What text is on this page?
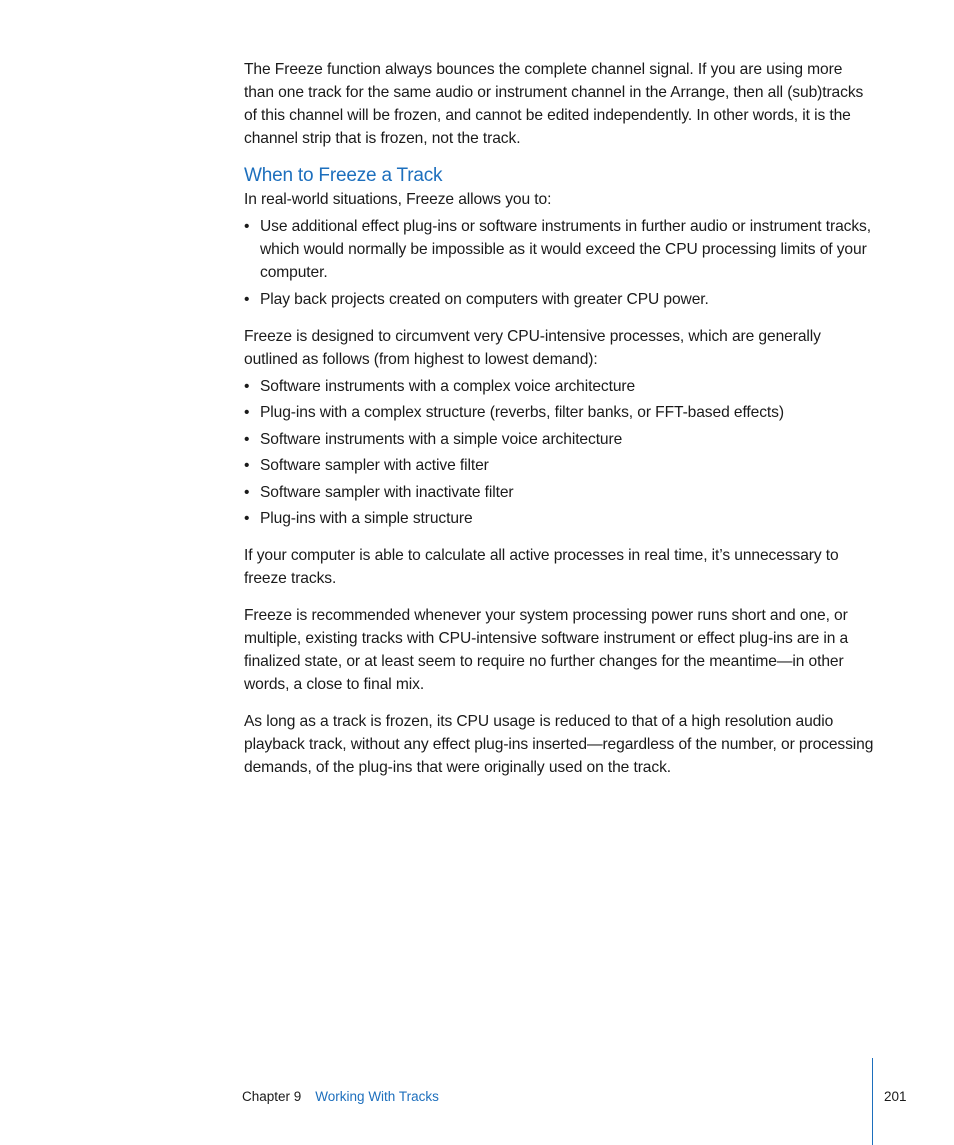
The Freeze function always bounces the complete channel signal. If you are using more than one track for the same audio or instrument channel in the Arrange, then all (sub)tracks of this channel will be frozen, and cannot be edited independently. In other words, it is the channel strip that is frozen, not the track.

When to Freeze a Track

In real-world situations, Freeze allows you to:

• Use additional effect plug-ins or software instruments in further audio or instrument tracks, which would normally be impossible as it would exceed the CPU processing limits of your computer.
• Play back projects created on computers with greater CPU power.

Freeze is designed to circumvent very CPU-intensive processes, which are generally outlined as follows (from highest to lowest demand):

• Software instruments with a complex voice architecture
• Plug-ins with a complex structure (reverbs, filter banks, or FFT-based effects)
• Software instruments with a simple voice architecture
• Software sampler with active filter
• Software sampler with inactivate filter
• Plug-ins with a simple structure

If your computer is able to calculate all active processes in real time, it’s unnecessary to freeze tracks.

Freeze is recommended whenever your system processing power runs short and one, or multiple, existing tracks with CPU-intensive software instrument or effect plug-ins are in a finalized state, or at least seem to require no further changes for the meantime—in other words, a close to final mix.

As long as a track is frozen, its CPU usage is reduced to that of a high resolution audio playback track, without any effect plug-ins inserted—regardless of the number, or processing demands, of the plug-ins that were originally used on the track.

Chapter 9 Working With Tracks	201
